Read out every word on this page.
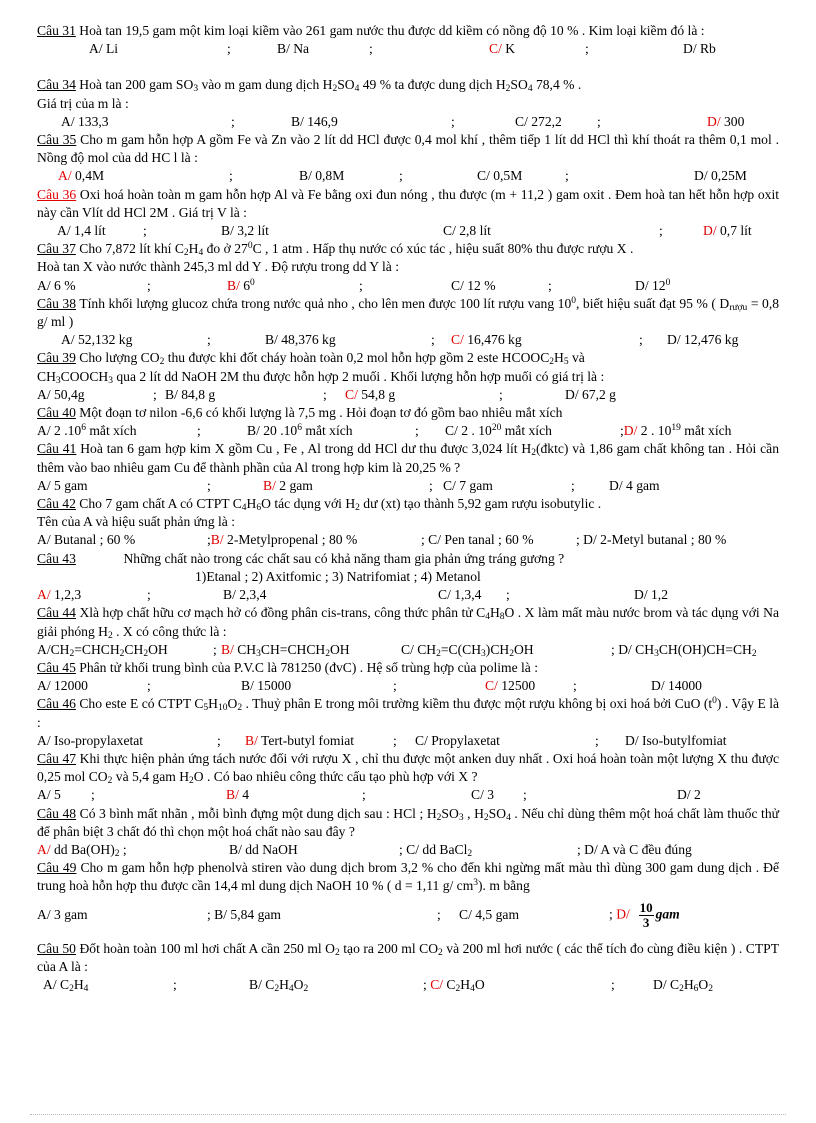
Câu 31 Hoà tan 19,5 gam một kim loại kiềm vào 261 gam nước thu được dd kiềm có nồng độ 10 % . Kim loại kiềm đó là :

A/ Li	;	B/ Na	;	C/ K	;	D/ Rb

Câu 34 Hoà tan 200 gam $SO_3$ vào m gam dung dịch $H_2SO_4$ 49 % ta được dung dịch $H_2SO_4$ 78,4 % .

Giá trị của m là :

A/ 133,3	;	B/ 146,9	;	C/ 272,2	;	D/ 300

Câu 35 Cho m gam hỗn hợp A gồm Fe và Zn vào 2 lít dd HCl được 0,4 mol khí , thêm tiếp 1 lít dd HCl thì khí thoát ra thêm 0,1 mol . Nồng độ mol của dd HC l là :

A/ 0,4M	;	B/ 0,8M	;	C/ 0,5M	;	D/ 0,25M

Câu 36 Oxi hoá hoàn toàn m gam hỗn hợp Al và Fe bằng oxi đun nóng , thu được (m + 11,2 ) gam oxit . Đem hoà tan hết hỗn hợp oxit này cần Vlít dd HCl 2M . Giá trị V là :

A/ 1,4 lít	;	B/ 3,2 lít	C/ 2,8 lít	;	D/ 0,7 lít

Câu 37 Cho 7,872 lít khí $C_2H_4$ đo ở $27^0C$ , 1 atm . Hấp thụ nước có xúc tác , hiệu suất 80% thu được rượu X .

Hoà tan X vào nước thành 245,3 ml dd Y . Độ rượu trong dd Y là :

A/ 6 %	;	B/ $6^0$	;	C/ 12 %	;	D/ $12^0$

Câu 38 Tính khối lượng glucoz chứa trong nước quả nho , cho lên men được 100 lít rượu vang $10^0$, biết hiệu suất đạt 95 % ( $D_{rượu} = 0,8$ g/ ml )

A/ 52,132 kg	;	B/ 48,376 kg	;	C/ 16,476 kg	;	D/ 12,476 kg

Câu 39 Cho lượng $CO_2$ thu được khi đốt cháy hoàn toàn 0,2 mol hỗn hợp gồm 2 este $HCOOC_2H_5$ và
$CH_3COOCH_3$ qua 2 lít dd NaOH 2M thu được hỗn hợp 2 muối . Khối lượng hỗn hợp muối có giá trị là :

A/ 50,4g	; B/ 84,8 g	;	C/ 54,8 g	;	D/ 67,2 g

Câu 40 Một đoạn tơ nilon -6,6 có khối lượng là 7,5 mg . Hỏi đoạn tơ đó gồm bao nhiêu mắt xích

A/ 2 $.10^6$ mắt xích	;	B/ 20 $.10^6$ mắt xích	;	C/ 2 . $10^{20}$ mắt xích	;D/ 2 . $10^{19}$ mắt xích

Câu 41 Hoà tan 6 gam hợp kim X gồm Cu , Fe , Al trong dd HCl dư thu được 3,024 lít $H_2(đktc)$ và 1,86 gam chất không tan . Hỏi cần thêm vào bao nhiêu gam Cu để thành phần của Al trong hợp kim là 20,25 % ?

A/ 5 gam	;	B/ 2 gam	; C/ 7 gam	;	D/ 4 gam

Câu 42 Cho 7 gam chất A có CTPT $C_4H_6O$ tác dụng với $H_2$ dư (xt) tạo thành 5,92 gam rượu isobutylic .

Tên của A và hiệu suất phản ứng là :

A/ Butanal ; 60 %	;B/ 2-Metylpropenal ; 80 %	; C/ Pen tanal ; 60 %	; D/ 2-Metyl butanal ; 80 %

Câu 43	Những chất nào trong các chất sau có khả năng tham gia phản ứng tráng gương ?

1)Etanal ; 2) Axitfomic ; 3) Natrifomiat ; 4) Metanol

A/ 1,2,3	;	B/ 2,3,4	C/ 1,3,4	;	D/ 1,2

Câu 44 Xlà hợp chất hữu cơ mạch hở có đồng phân cis-trans, công thức phân tử $C_4H_8O$ . X làm mất màu nước brom và tác dụng với Na giải phóng $H_2$ . X có công thức là :

$A/CH_2=CHCH_2CH_2OH$	; B/ $CH_3CH=CHCH_2OH$	C/ $CH_2=C(CH_3)CH_2OH$	; D/ $CH_3CH(OH)CH=CH_2$

Câu 45 Phân tử khối trung bình của P.V.C là 781250 (đvC) . Hệ số trùng hợp của polime là :

A/ 12000	;	B/ 15000	;	C/ 12500	;	D/ 14000

Câu 46 Cho este E có CTPT $C_5H_{10}O_2$ . Thuỷ phân E trong môi trường kiềm thu được một rượu không bị oxi hoá bởi CuO $(t^0)$ . Vậy E là :

A/ Iso-propylaxetat	;	B/ Tert-butyl fomiat	;	C/ Propylaxetat	;	D/ Iso-butylfomiat

Câu 47 Khi thực hiện phản ứng tách nước đối với rượu X , chỉ thu được một anken duy nhất . Oxi hoá hoàn toàn một lượng X thu được 0,25 mol $CO_2$ và 5,4 gam $H_2O$ . Có bao nhiêu công thức cấu tạo phù hợp với X ?

A/ 5	;	B/ 4	;	C/ 3	;	D/ 2

Câu 48 Có 3 bình mất nhãn , mỗi bình đựng một dung dịch sau : HCl ; $H_2SO_3$ , $H_2SO_4$ . Nếu chỉ dùng thêm một hoá chất làm thuốc thử để phân biệt 3 chất đó thì chọn một hoá chất nào sau đây ?

A/ dd $Ba(OH)_2$ ;	B/ dd NaOH	; C/ dd BaCl$_2$	; D/ A và C đều đúng

Câu 49 Cho m gam hỗn hợp phenolvà stiren vào dung dịch brom 3,2 % cho đến khi ngừng mất màu thì dùng 300 gam dung dịch . Để trung hoà hỗn hợp thu được cần 14,4 ml dung dịch NaOH 10 % ( d = 1,11 g/ $cm^3$). m bằng

A/ 3 gam	; B/ 5,84 gam	;	C/ 4,5 gam	; $D/ \frac{10}{3}$ gam

Câu 50 Đốt hoàn toàn 100 ml hơi chất A cần 250 ml $O_2$ tạo ra 200 ml $CO_2$ và 200 ml hơi nước ( các thể tích đo cùng điều kiện ) . CTPT của A là :

A/ $C_2H_4$	;	B/ $C_2H_4O_2$	; C/ $C_2H_4O$	;	D/ $C_2H_6O_2$
